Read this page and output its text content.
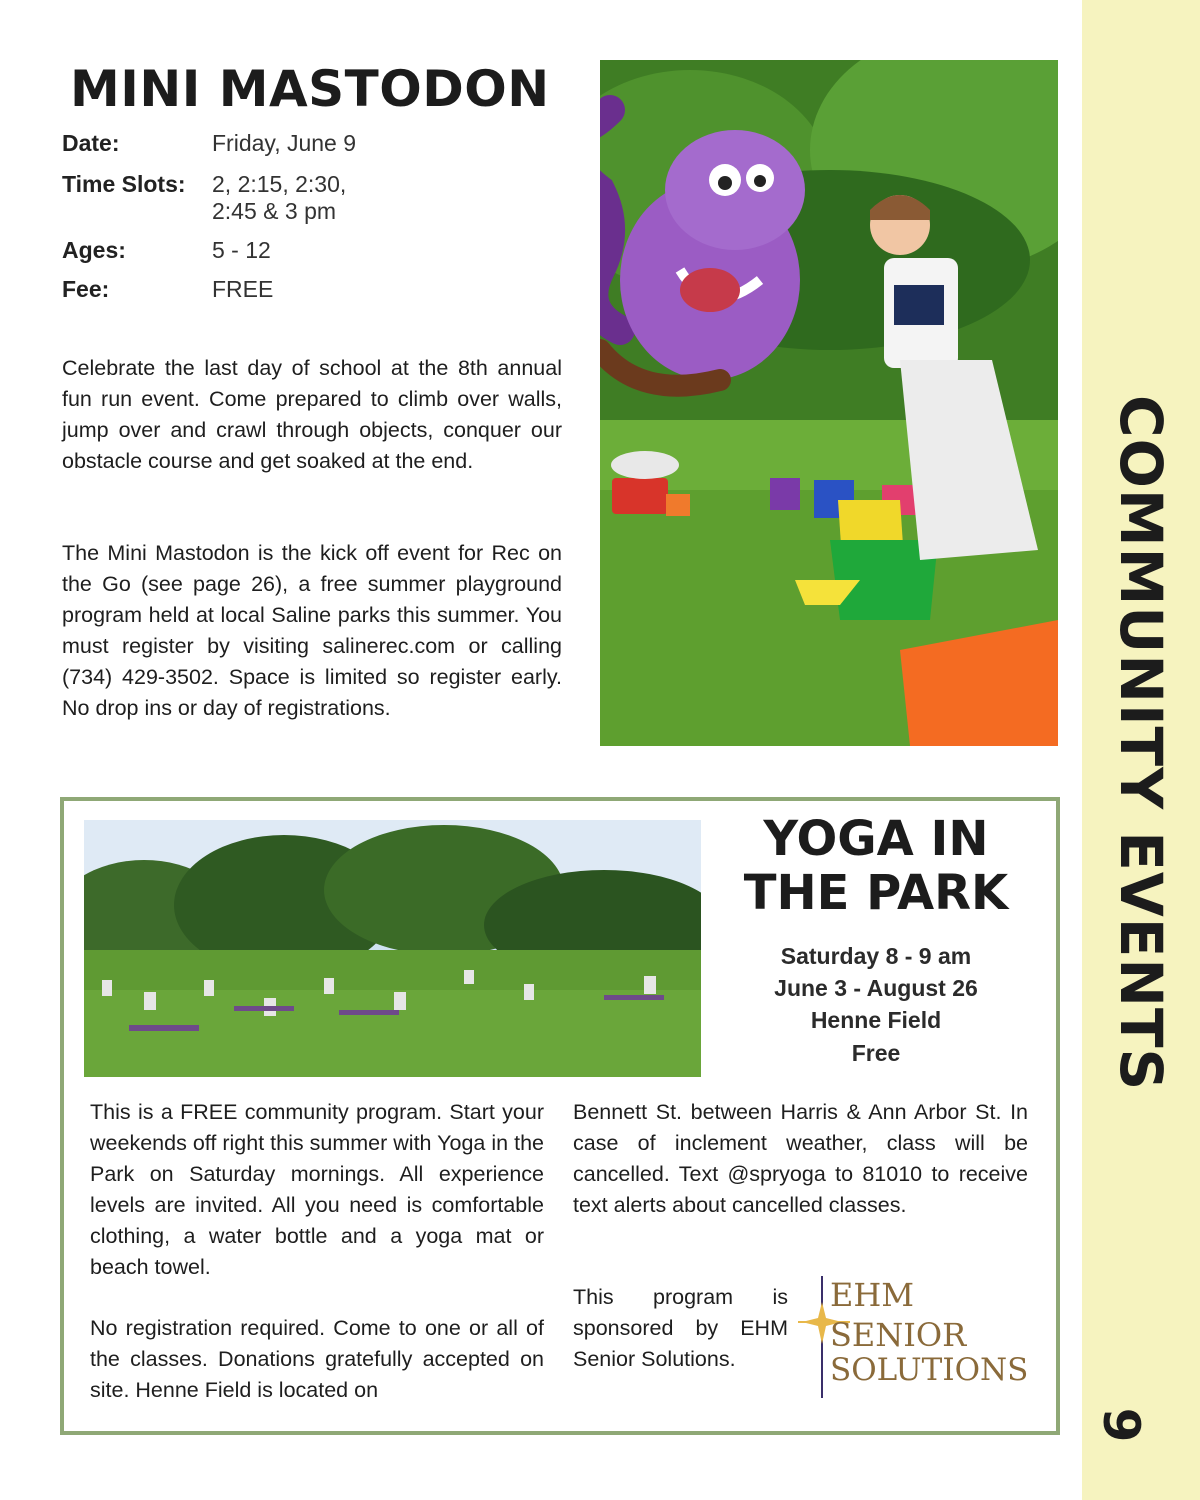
COMMUNITY EVENTS
9
MINI MASTODON
Date:	Friday, June 9
Time Slots: 2, 2:15, 2:30,
2:45 & 3 pm
Ages:	5 - 12
Fee:	FREE
Celebrate the last day of school at the 8th annual fun run event. Come prepared to climb over walls, jump over and crawl through objects, conquer our obstacle course and get soaked at the end.
The Mini Mastodon is the kick off event for Rec on the Go (see page 26), a free summer playground program held at local Saline parks this summer. You must register by visiting salinerec.com or calling (734) 429-3502. Space is limited so register early. No drop ins or day of registrations.
YOGA IN
THE PARK
Saturday 8 - 9 am
June 3 - August 26
Henne Field
Free
This is a FREE community program. Start your weekends off right this summer with Yoga in the Park on Saturday mornings. All experience levels are invited. All you need is comfortable clothing, a water bottle and a yoga mat or beach towel.
No registration required. Come to one or all of the classes. Donations gratefully accepted on site. Henne Field is located on
Bennett St. between Harris & Ann Arbor St. In case of inclement weather, class will be cancelled. Text @spryoga to 81010 to receive text alerts about cancelled classes.
This program is sponsored by EHM Senior Solutions.
EHM
SENIOR
SOLUTIONS
